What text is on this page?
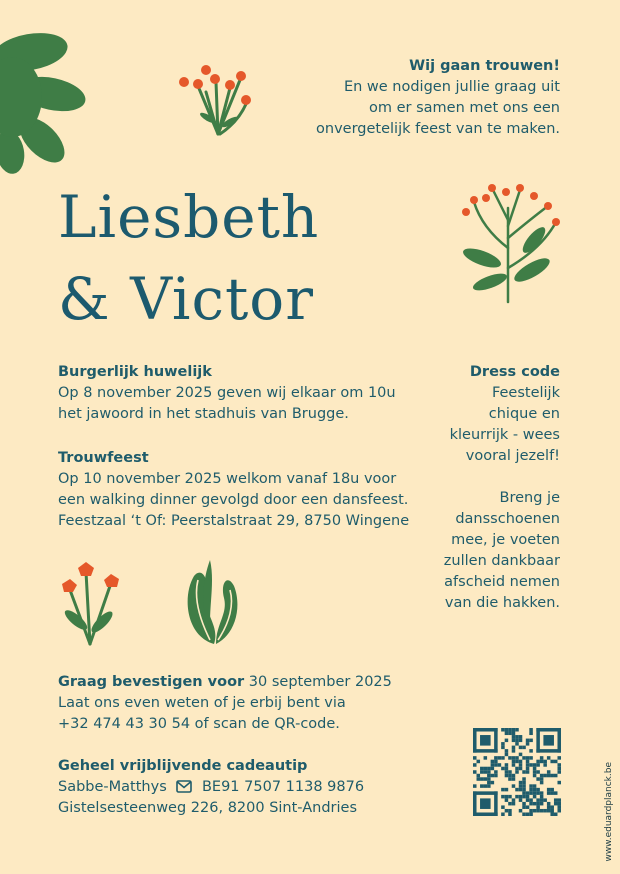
Wij gaan trouwen!
En we nodigen jullie graag uit
om er samen met ons een
onvergetelijk feest van te maken.
Liesbeth
& Victor
Burgerlijk huwelijk
Op 8 november 2025 geven wij elkaar om 10u
het jawoord in het stadhuis van Brugge.
Trouwfeest
Op 10 november 2025 welkom vanaf 18u voor
een walking dinner gevolgd door een dansfeest.
Feestzaal ‘t Of: Peerstalstraat 29, 8750 Wingene
Dress code
Feestelijk
chique en
kleurrijk - wees
vooral jezelf!
Breng je
dansschoenen
mee, je voeten
zullen dankbaar
afscheid nemen
van die hakken.
Graag bevestigen voor 30 september 2025
Laat ons even weten of je erbij bent via
+32 474 43 30 54 of scan de QR-code.
Geheel vrijblijvende cadeautip
Sabbe-Matthys BE91 7507 1138 9876
Gistelsesteenweg 226, 8200 Sint-Andries	www.eduardplanck.be
